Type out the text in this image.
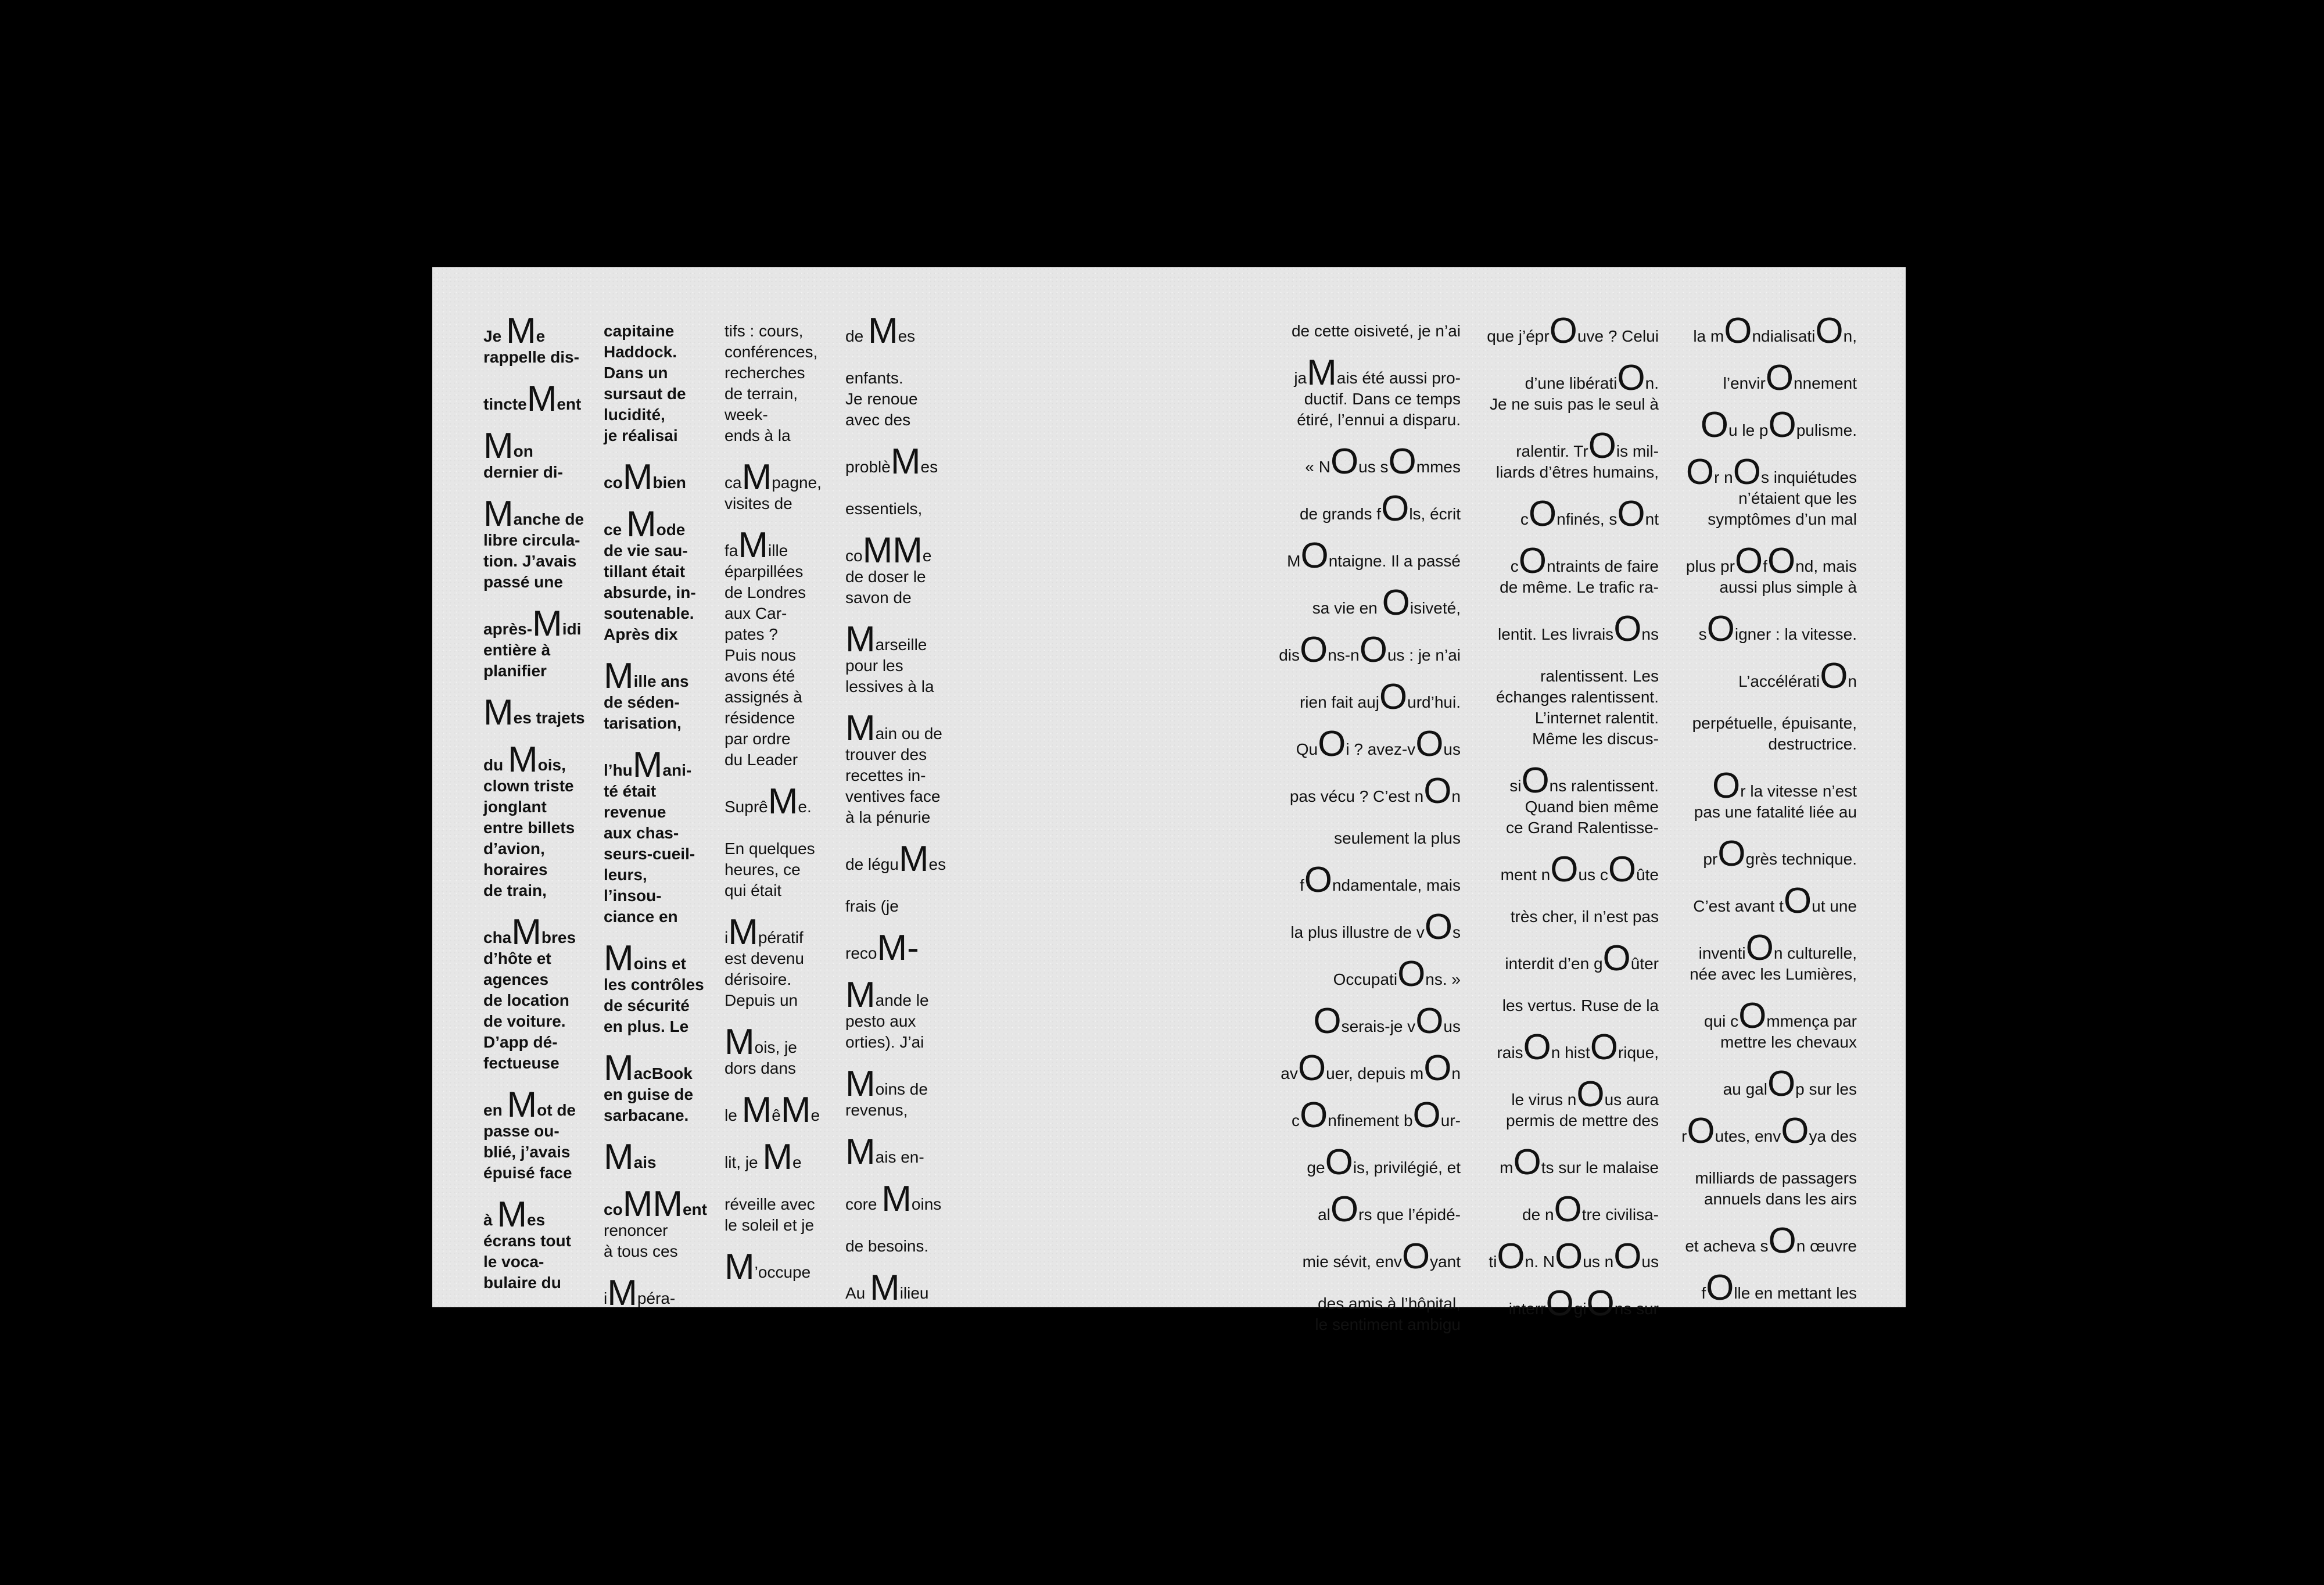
Je Me
rappelle dis-
tincteMent
Mon
dernier di-
Manche de
libre circula-
tion. J’avais
passé une
après-Midi
entière à
planifier
Mes trajets
du Mois,
clown triste
jonglant
entre billets
d’avion,
horaires
de train,
chaMbres
d’hôte et
agences
de location
de voiture.
D’app dé-
fectueuse
en Mot de
passe ou-
blié, j’avais
épuisé face
à Mes
écrans tout
le voca-
bulaire du
capitaine
Haddock.
Dans un
sursaut de
lucidité,
je réalisai
coMbien
ce Mode
de vie sau-
tillant était
absurde, in-
soutenable.
Après dix
Mille ans
de séden-
tarisation,
l’huMani-
té était
revenue
aux chas-
seurs-cueil-
leurs,
l’insou-
ciance en
Moins et
les contrôles
de sécurité
en plus. Le
MacBook
en guise de
sarbacane.
Mais
coMMent
renoncer
à tous ces
iMpéra-
tifs : cours,
conférences,
recherches
de terrain,
week-
ends à la
caMpagne,
visites de
faMille
éparpillées
de Londres
aux Car-
pates ?
Puis nous
avons été
assignés à
résidence
par ordre
du Leader
SuprêMe.
En quelques
heures, ce
qui était
iMpératif
est devenu
dérisoire.
Depuis un
Mois, je
dors dans
le MêMe
lit, je Me
réveille avec
le soleil et je
M’occupe
de Mes
enfants.
Je renoue
avec des
problèMes
essentiels,
coMMe
de doser le
savon de
Marseille
pour les
lessives à la
Main ou de
trouver des
recettes in-
ventives face
à la pénurie
de léguMes
frais (je
recoM-
Mande le
pesto aux
orties). J’ai
Moins de
revenus,
Mais en-
core Moins
de besoins.
Au Milieu
de cette oisiveté, je n’ai
jaMais été aussi pro-
ductif. Dans ce temps
étiré, l’ennui a disparu.
« NOus sOmmes
de grands fOls, écrit
MOntaigne. Il a passé
sa vie en Oisiveté,
disOns-nOus : je n’ai
rien fait aujOurd’hui.
QuOi ? avez-vOus
pas vécu ? C’est nOn
seulement la plus
fOndamentale, mais
la plus illustre de vOs
OccupatiOns. »
Oserais-je vOus
avOuer, depuis mOn
cOnfinement bOur-
geOis, privilégié, et
alOrs que l’épidé-
mie sévit, envOyant
des amis à l’hôpital,
le sentiment ambigu
que j’éprOuve ? Celui
d’une libératiOn.
Je ne suis pas le seul à
ralentir. TrOis mil-
liards d’êtres humains,
cOnfinés, sOnt
cOntraints de faire
de même. Le trafic ra-
lentit. Les livraisOns
ralentissent. Les
échanges ralentissent.
L’internet ralentit.
Même les discus-
siOns ralentissent.
Quand bien même
ce Grand Ralentisse-
ment nOus cOûte
très cher, il n’est pas
interdit d’en gOûter
les vertus. Ruse de la
raisOn histOrique,
le virus nOus aura
permis de mettre des
mOts sur le malaise
de nOtre civilisa-
tiOn. NOus nOus
interrOgiOns sur
la mOndialisatiOn,
l’envirOnnement
Ou le pOpulisme.
Or nOs inquiétudes
n’étaient que les
symptômes d’un mal
plus prOfOnd, mais
aussi plus simple à
sOigner : la vitesse.
L’accélératiOn
perpétuelle, épuisante,
destructrice.
Or la vitesse n’est
pas une fatalité liée au
prOgrès technique.
C’est avant tOut une
inventiOn culturelle,
née avec les Lumières,
qui cOmmença par
mettre les chevaux
au galOp sur les
rOutes, envOya des
milliards de passagers
annuels dans les airs
et acheva sOn œuvre
fOlle en mettant les
